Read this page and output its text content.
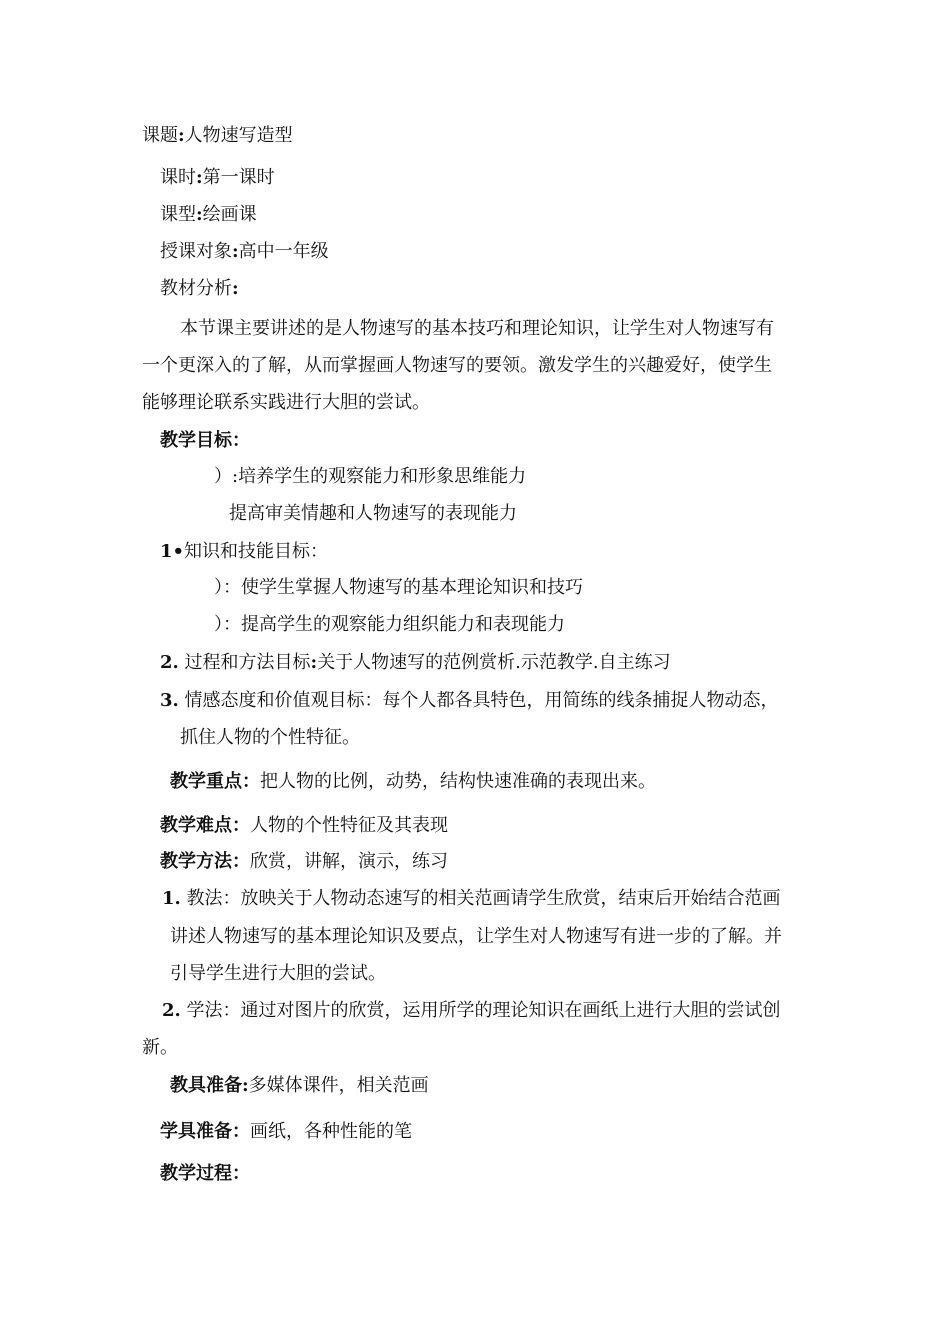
课题:人物速写造型
课时:第一课时
课型:绘画课
授课对象:高中一年级
教材分析:
本节课主要讲述的是人物速写的基本技巧和理论知识，让学生对人物速写有
一个更深入的了解，从而掌握画人物速写的要领。激发学生的兴趣爱好，使学生
能够理论联系实践进行大胆的尝试。
教学目标：
）:培养学生的观察能力和形象思维能力
提高审美情趣和人物速写的表现能力
1•知识和技能目标：
）：使学生掌握人物速写的基本理论知识和技巧
）：提高学生的观察能力组织能力和表现能力
2. 过程和方法目标:关于人物速写的范例赏析.示范教学.自主练习
3. 情感态度和价值观目标：每个人都各具特色，用简练的线条捕捉人物动态，
抓住人物的个性特征。
教学重点：把人物的比例，动势，结构快速准确的表现出来。
教学难点：人物的个性特征及其表现
教学方法：欣赏，讲解，演示，练习
1. 教法：放映关于人物动态速写的相关范画请学生欣赏，结束后开始结合范画
讲述人物速写的基本理论知识及要点，让学生对人物速写有进一步的了解。并
引导学生进行大胆的尝试。
2. 学法：通过对图片的欣赏，运用所学的理论知识在画纸上进行大胆的尝试创
新。
教具准备:多媒体课件，相关范画
学具准备：画纸，各种性能的笔
教学过程：
